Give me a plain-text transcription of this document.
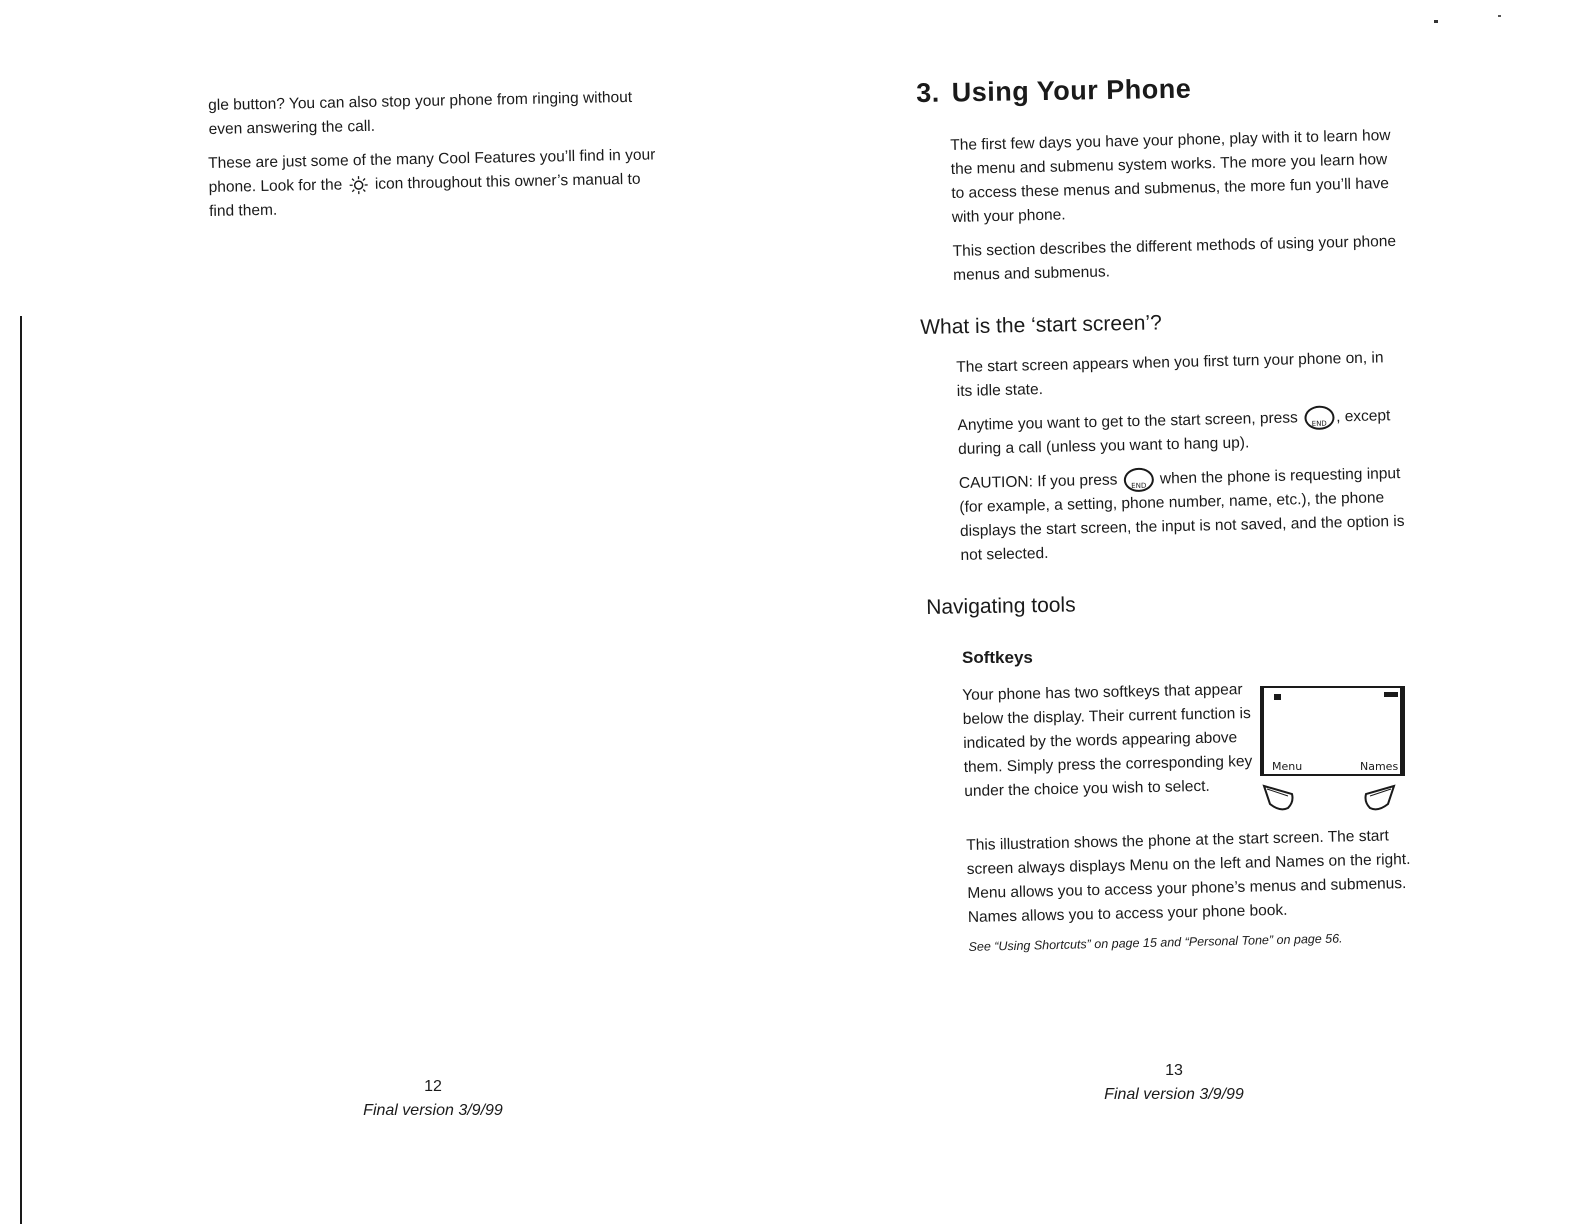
gle button? You can also stop your phone from ringing without even answering the call.

These are just some of the many Cool Features you’ll find in your phone. Look for the icon throughout this owner’s manual to find them.

12
Final version 3/9/99
3. Using Your Phone

The first few days you have your phone, play with it to learn how the menu and submenu system works. The more you learn how to access these menus and submenus, the more fun you’ll have with your phone.

This section describes the different methods of using your phone menus and submenus.

What is the ‘start screen’?

The start screen appears when you first turn your phone on, in its idle state.

Anytime you want to get to the start screen, press	END , except during a call (unless you want to hang up).

CAUTION: If you press	END when the phone is requesting input (for example, a setting, phone number, name, etc.), the phone displays the start screen, the input is not saved, and the option is not selected.

Navigating tools
Softkeys

Your phone has two softkeys that appear below the display. Their current function is indicated by the words appearing above them. Simply press the corresponding key under the choice you wish to select.

Menu	Names

This illustration shows the phone at the start screen. The start screen always displays Menu on the left and Names on the right. Menu allows you to access your phone’s menus and submenus. Names allows you to access your phone book.

See “Using Shortcuts” on page 15 and “Personal Tone” on page 56.

13
Final version 3/9/99
